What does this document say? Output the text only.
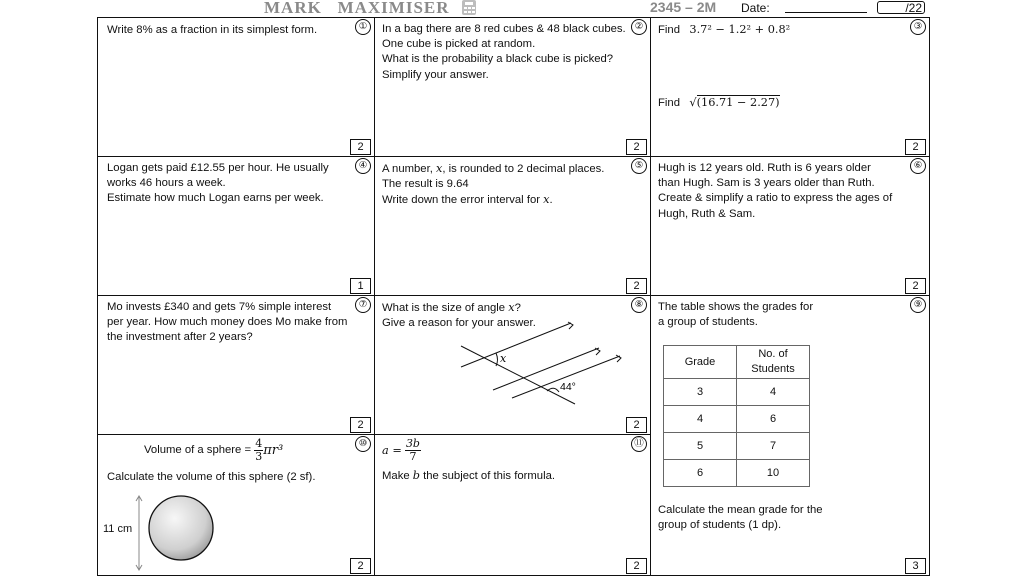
MARK   MAXIMISER	2345 – 2M Date:	/22

Write 8% as a fraction in its simplest form.	①
2

In a bag there are 8 red cubes & 48 black cubes.

One cube is picked at random.

What is the probability a black cube is picked?

Simplify your answer.

②
2
Find 3.7² − 1.2² + 0.8²
Find √(16.71 − 2.27)
③
2

Logan gets paid £12.55 per hour. He usually

works 46 hours a week.

Estimate how much Logan earns per week.

④
1

A number, x, is rounded to 2 decimal places.

The result is 9.64

Write down the error interval for x.

⑤
2

Hugh is 12 years old. Ruth is 6 years older

than Hugh. Sam is 3 years older than Ruth.

Create & simplify a ratio to express the ages of

Hugh, Ruth & Sam.

⑥
2

Mo invests £340 and gets 7% simple interest

per year. How much money does Mo make from

the investment after 2 years?

⑦
2

What is the size of angle x?

Give a reason for your answer.

x
44°
⑧
2

The table shows the grades for

a group of students.

Grade	No. of Students
3	4
4	6
5	7
6	10

Calculate the mean grade for the

group of students (1 dp).

⑨
3
Volume of a sphere = $\frac{4}{3} \pi r^3$

Calculate the volume of this sphere (2 sf).

11 cm
⑩
2
$a = \frac{3b}{7}$

Make b the subject of this formula.

⑪
2
